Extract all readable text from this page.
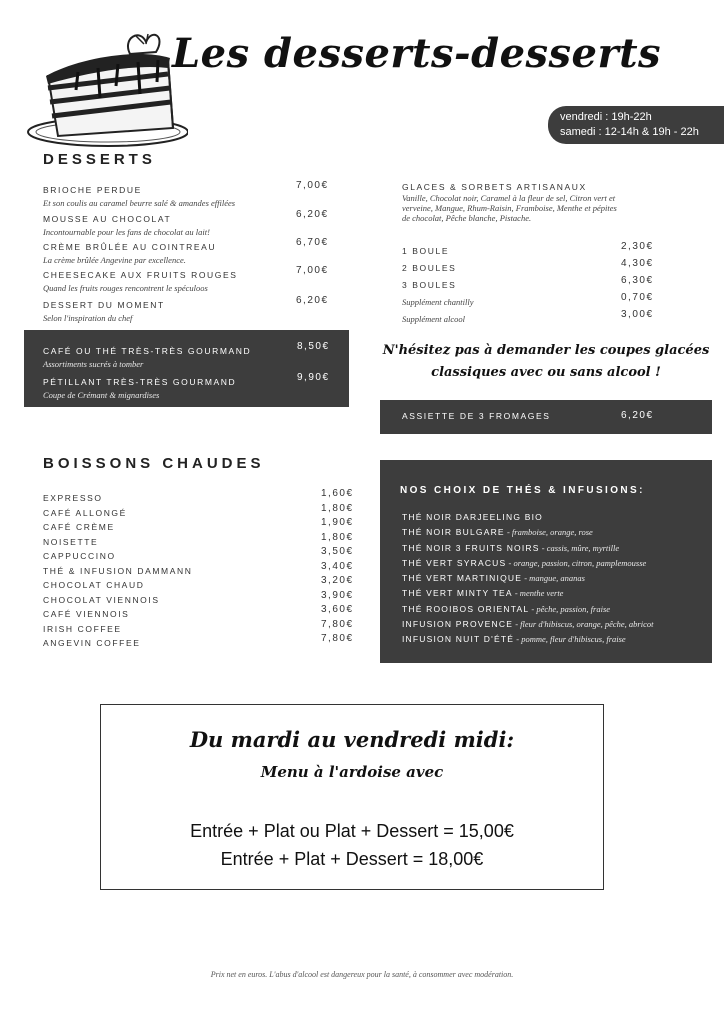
Les desserts-desserts
vendredi : 19h-22h
samedi : 12-14h & 19h - 22h
DESSERTS
BRIOCHE PERDUE	7,00€
Et son coulis au caramel beurre salé & amandes effilées
MOUSSE AU CHOCOLAT	6,20€
Incontournable pour les fans de chocolat au lait!
CRÈME BRÛLÉE AU COINTREAU	6,70€
La crème brûlée Angevine par excellence.
CHEESECAKE AUX FRUITS ROUGES	7,00€
Quand les fruits rouges rencontrent le spéculoos
DESSERT DU MOMENT	6,20€
Selon l'inspiration du chef
CAFÉ OU THÉ TRÈS-TRÈS GOURMAND	8,50€
Assortiments sucrés à tomber
PÉTILLANT TRÈS-TRÈS GOURMAND	9,90€
Coupe de Crémant & mignardises
GLACES & SORBETS ARTISANAUX
Vanille, Chocolat noir, Caramel à la fleur de sel, Citron vert et
verveine, Mangue, Rhum-Raisin, Framboise, Menthe et pépites
de chocolat, Pêche blanche, Pistache.
1 BOULE	2,30€
2 BOULES	4,30€
3 BOULES	6,30€
Supplément chantilly	0,70€
Supplément alcool	3,00€
N'hésitez pas à demander les coupes glacées
classiques avec ou sans alcool !
ASSIETTE DE 3 FROMAGES	6,20€
BOISSONS CHAUDES
EXPRESSO	1,60€
CAFÉ ALLONGÉ	1,80€
CAFÉ CRÈME	1,90€
NOISETTE	1,80€
CAPPUCCINO	3,50€
THÉ & INFUSION DAMMANN	3,40€
CHOCOLAT CHAUD	3,20€
CHOCOLAT VIENNOIS	3,90€
CAFÉ VIENNOIS	3,60€
IRISH COFFEE	7,80€
ANGEVIN COFFEE	7,80€
NOS CHOIX DE THÉS & INFUSIONS:
THÉ NOIR DARJEELING BIO
THÉ NOIR BULGARE - framboise, orange, rose
THÉ NOIR 3 FRUITS NOIRS - cassis, mûre, myrtille
THÉ VERT SYRACUS - orange, passion, citron, pamplemousse
THÉ VERT MARTINIQUE - mangue, ananas
THÉ VERT MINTY TEA - menthe verte
THÉ ROOIBOS ORIENTAL - pêche, passion, fraise
INFUSION PROVENCE - fleur d'hibiscus, orange, pêche, abricot
INFUSION NUIT D'ÉTÉ - pomme, fleur d'hibiscus, fraise
Du mardi au vendredi midi:
Menu à l'ardoise avec
Entrée + Plat ou Plat + Dessert = 15,00€
Entrée + Plat + Dessert = 18,00€
Prix net en euros. L'abus d'alcool est dangereux pour la santé, à consommer avec modération.
